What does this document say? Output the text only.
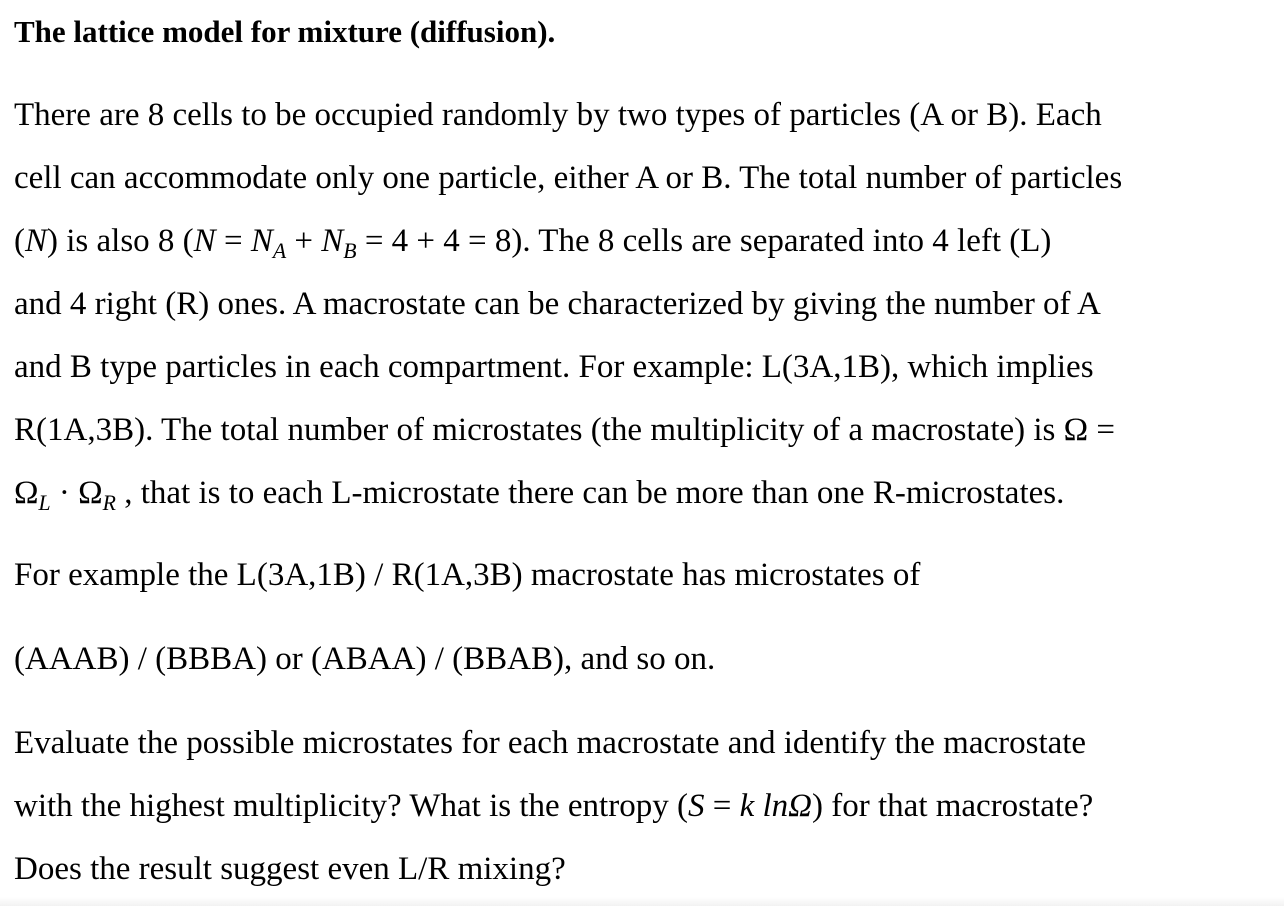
The lattice model for mixture (diffusion).

There are 8 cells to be occupied randomly by two types of particles (A or B). Each
cell can accommodate only one particle, either A or B. The total number of particles
(N) is also 8 $(N = N_A + N_B = 4 + 4 = 8)$. The 8 cells are separated into 4 left (L)
and 4 right (R) ones. A macrostate can be characterized by giving the number of A
and B type particles in each compartment. For example: L(3A,1B), which implies
R(1A,3B). The total number of microstates (the multiplicity of a macrostate) is Ω =
$\Omega_L \cdot \Omega_R$ , that is to each L-microstate there can be more than one R-microstates.

For example the L(3A,1B) / R(1A,3B) macrostate has microstates of

(AAAB) / (BBBA) or (ABAA) / (BBAB), and so on.

Evaluate the possible microstates for each macrostate and identify the macrostate
with the highest multiplicity? What is the entropy (S = k lnΩ) for that macrostate?
Does the result suggest even L/R mixing?
